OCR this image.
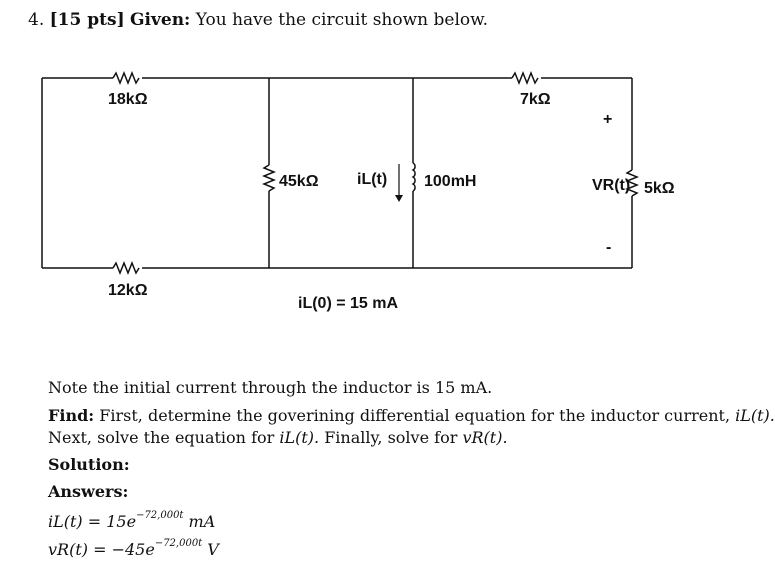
4. [15 pts] Given: You have the circuit shown below.
18kΩ
12kΩ
45kΩ iL(t) 100mH
7kΩ
+
VR(t)
-
5kΩ
iL(0) = 15 mA
Note the initial current through the inductor is 15 mA.
Find: First, determine the goverining differential equation for the inductor current, iL(t).
Next, solve the equation for iL(t). Finally, solve for vR(t).
Solution:
Answers:
$iL(t) = 15e^{-72,000t}$ mA
$vR(t) = -45e^{-72,000t}$ V
